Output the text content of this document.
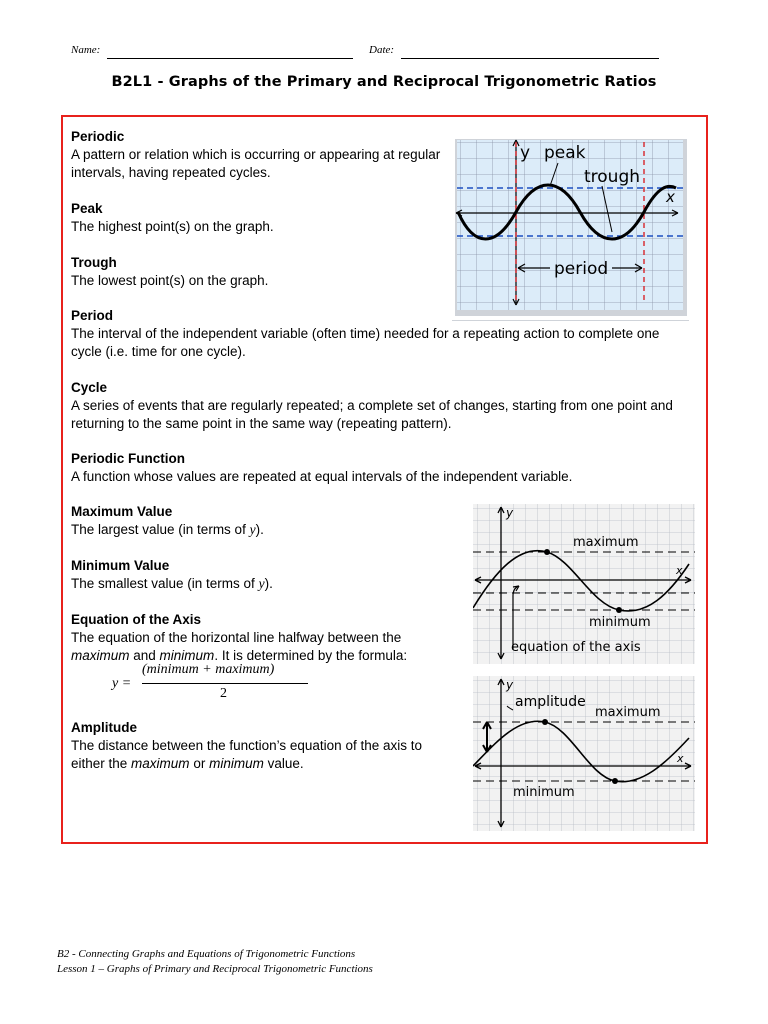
Name:	Date:
B2L1 - Graphs of the Primary and Reciprocal Trigonometric Ratios
Periodic

A pattern or relation which is occurring or appearing at regular intervals, having repeated cycles.

Peak

The highest point(s) on the graph.

Trough

The lowest point(s) on the graph.

Period

The interval of the independent variable (often time) needed for a repeating action to complete one cycle (i.e. time for one cycle).

Cycle

A series of events that are regularly repeated; a complete set of changes, starting from one point and returning to the same point in the same way (repeating pattern).

Periodic Function

A function whose values are repeated at equal intervals of the independent variable.

Maximum Value

The largest value (in terms of y).

Minimum Value

The smallest value (in terms of y).

Equation of the Axis

The equation of the horizontal line halfway between the maximum and minimum. It is determined by the formula:

y =
(minimum + maximum)
2
Amplitude

The distance between the function’s equation of the axis to either the maximum or minimum value.

y peak
trough
x
period
y
x
maximum
minimum
equation of the axis
y
amplitude
maximum
minimum
x
B2 - Connecting Graphs and Equations of Trigonometric Functions
Lesson 1 – Graphs of Primary and Reciprocal Trigonometric Functions
